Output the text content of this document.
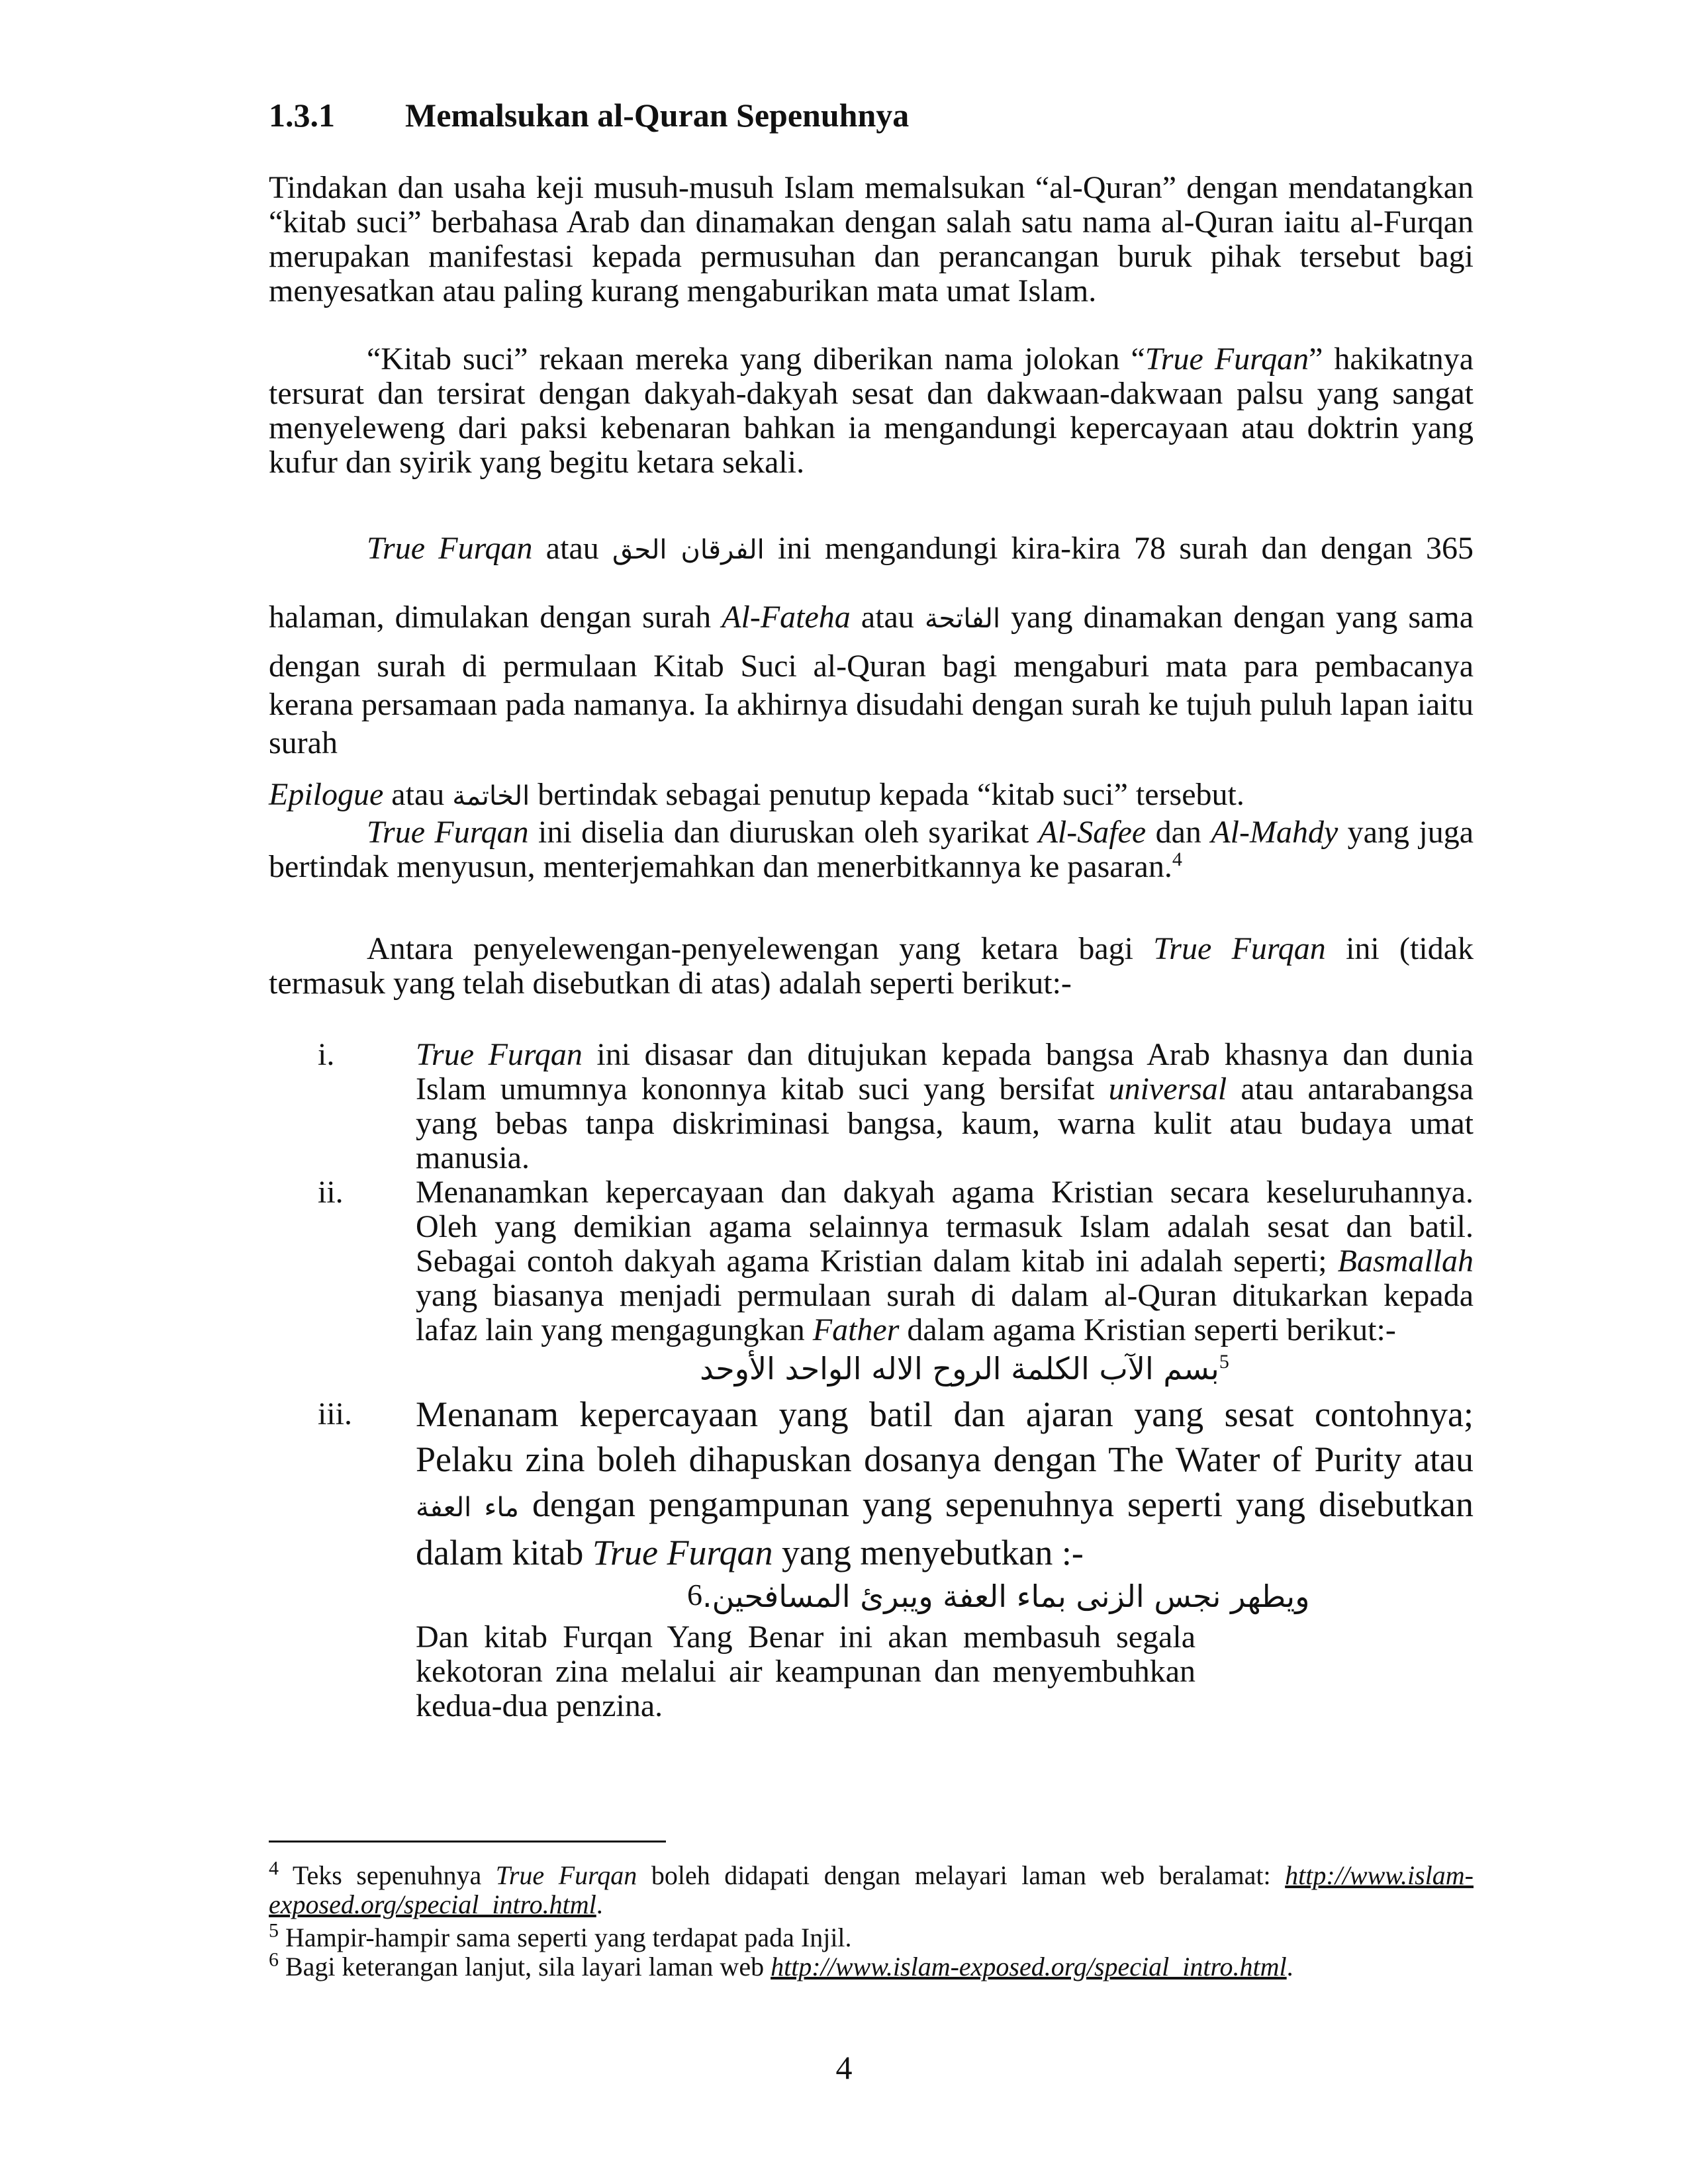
1.3.1 Memalsukan al-Quran Sepenuhnya
Tindakan dan usaha keji musuh-musuh Islam memalsukan “al-Quran” dengan mendatangkan “kitab suci” berbahasa Arab dan dinamakan dengan salah satu nama al-Quran iaitu al-Furqan merupakan manifestasi kepada permusuhan dan perancangan buruk pihak tersebut bagi menyesatkan atau paling kurang mengaburikan mata umat Islam.
“Kitab suci” rekaan mereka yang diberikan nama jolokan “True Furqan” hakikatnya tersurat dan tersirat dengan dakyah-dakyah sesat dan dakwaan-dakwaan palsu yang sangat menyeleweng dari paksi kebenaran bahkan ia mengandungi kepercayaan atau doktrin yang kufur dan syirik yang begitu ketara sekali.
True Furqan atau الفرقان الحق ini mengandungi kira-kira 78 surah dan dengan 365
halaman, dimulakan dengan surah Al-Fateha atau الفاتحة yang dinamakan dengan yang sama
dengan surah di permulaan Kitab Suci al-Quran bagi mengaburi mata para pembacanya kerana persamaan pada namanya. Ia akhirnya disudahi dengan surah ke tujuh puluh lapan iaitu surah
Epilogue atau الخاتمة bertindak sebagai penutup kepada “kitab suci” tersebut.
True Furqan ini diselia dan diuruskan oleh syarikat Al-Safee dan Al-Mahdy yang juga bertindak menyusun, menterjemahkan dan menerbitkannya ke pasaran.$^4$
Antara penyelewengan-penyelewengan yang ketara bagi True Furqan ini (tidak termasuk yang telah disebutkan di atas) adalah seperti berikut:-
i.	True Furqan ini disasar dan ditujukan kepada bangsa Arab khasnya dan dunia Islam umumnya kononnya kitab suci yang bersifat universal atau antarabangsa yang bebas tanpa diskriminasi bangsa, kaum, warna kulit atau budaya umat manusia.
ii. Menanamkan kepercayaan dan dakyah agama Kristian secara keseluruhannya. Oleh yang demikian agama selainnya termasuk Islam adalah sesat dan batil. Sebagai contoh dakyah agama Kristian dalam kitab ini adalah seperti; Basmallah yang biasanya menjadi permulaan surah di dalam al-Quran ditukarkan kepada lafaz lain yang mengagungkan Father dalam agama Kristian seperti berikut:-
بسم الآب الكلمة الروح الاله الواحد الأوحد$^5$
iii. Menanam kepercayaan yang batil dan ajaran yang sesat contohnya; Pelaku zina boleh dihapuskan dosanya dengan The Water of Purity atau ماء العفة dengan pengampunan yang sepenuhnya seperti yang disebutkan dalam kitab True Furqan yang menyebutkan :-
6ويطهر نجس الزنى بماء العفة ويبرئ المسافحين.
Dan kitab Furqan Yang Benar ini akan membasuh segala kekotoran zina melalui air keampunan dan menyembuhkan kedua-dua penzina.
$^4$ Teks sepenuhnya True Furqan boleh didapati dengan melayari laman web beralamat: http://www.islam-exposed.org/special_intro.html.
$^5$ Hampir-hampir sama seperti yang terdapat pada Injil.
$^6$ Bagi keterangan lanjut, sila layari laman web http://www.islam-exposed.org/special_intro.html.
4
